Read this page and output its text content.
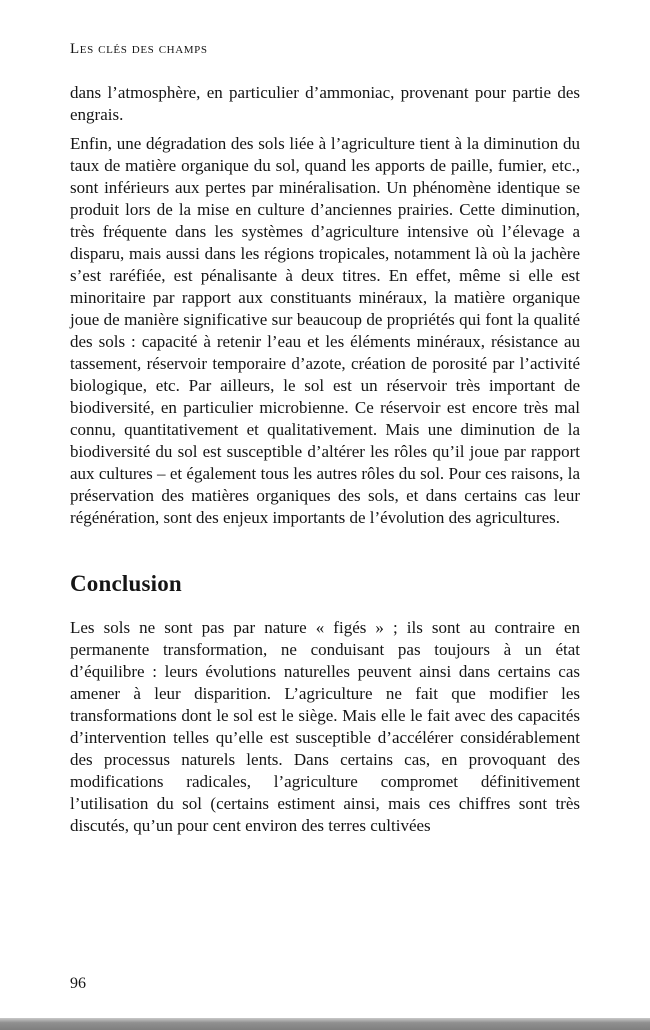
Les clés des champs

dans l’atmosphère, en particulier d’ammoniac, provenant pour partie des engrais.

Enfin, une dégradation des sols liée à l’agriculture tient à la diminution du taux de matière organique du sol, quand les apports de paille, fumier, etc., sont inférieurs aux pertes par minéralisation. Un phénomène identique se produit lors de la mise en culture d’anciennes prairies. Cette diminution, très fréquente dans les systèmes d’agriculture intensive où l’élevage a disparu, mais aussi dans les régions tropicales, notamment là où la jachère s’est raréfiée, est pénalisante à deux titres. En effet, même si elle est minoritaire par rapport aux constituants minéraux, la matière organique joue de manière significative sur beaucoup de propriétés qui font la qualité des sols : capacité à retenir l’eau et les éléments minéraux, résistance au tassement, réservoir temporaire d’azote, création de porosité par l’activité biologique, etc. Par ailleurs, le sol est un réservoir très important de biodiversité, en particulier microbienne. Ce réservoir est encore très mal connu, quantitativement et qualitativement. Mais une diminution de la biodiversité du sol est susceptible d’altérer les rôles qu’il joue par rapport aux cultures – et également tous les autres rôles du sol. Pour ces raisons, la préservation des matières organiques des sols, et dans certains cas leur régénération, sont des enjeux importants de l’évolution des agricultures.

Conclusion

Les sols ne sont pas par nature « figés » ; ils sont au contraire en permanente transformation, ne conduisant pas toujours à un état d’équilibre : leurs évolutions naturelles peuvent ainsi dans certains cas amener à leur disparition. L’agriculture ne fait que modifier les transformations dont le sol est le siège. Mais elle le fait avec des capacités d’intervention telles qu’elle est susceptible d’accélérer considérablement des processus naturels lents. Dans certains cas, en provoquant des modifications radicales, l’agriculture compromet définitivement l’utilisation du sol (certains estiment ainsi, mais ces chiffres sont très discutés, qu’un pour cent environ des terres cultivées

96
